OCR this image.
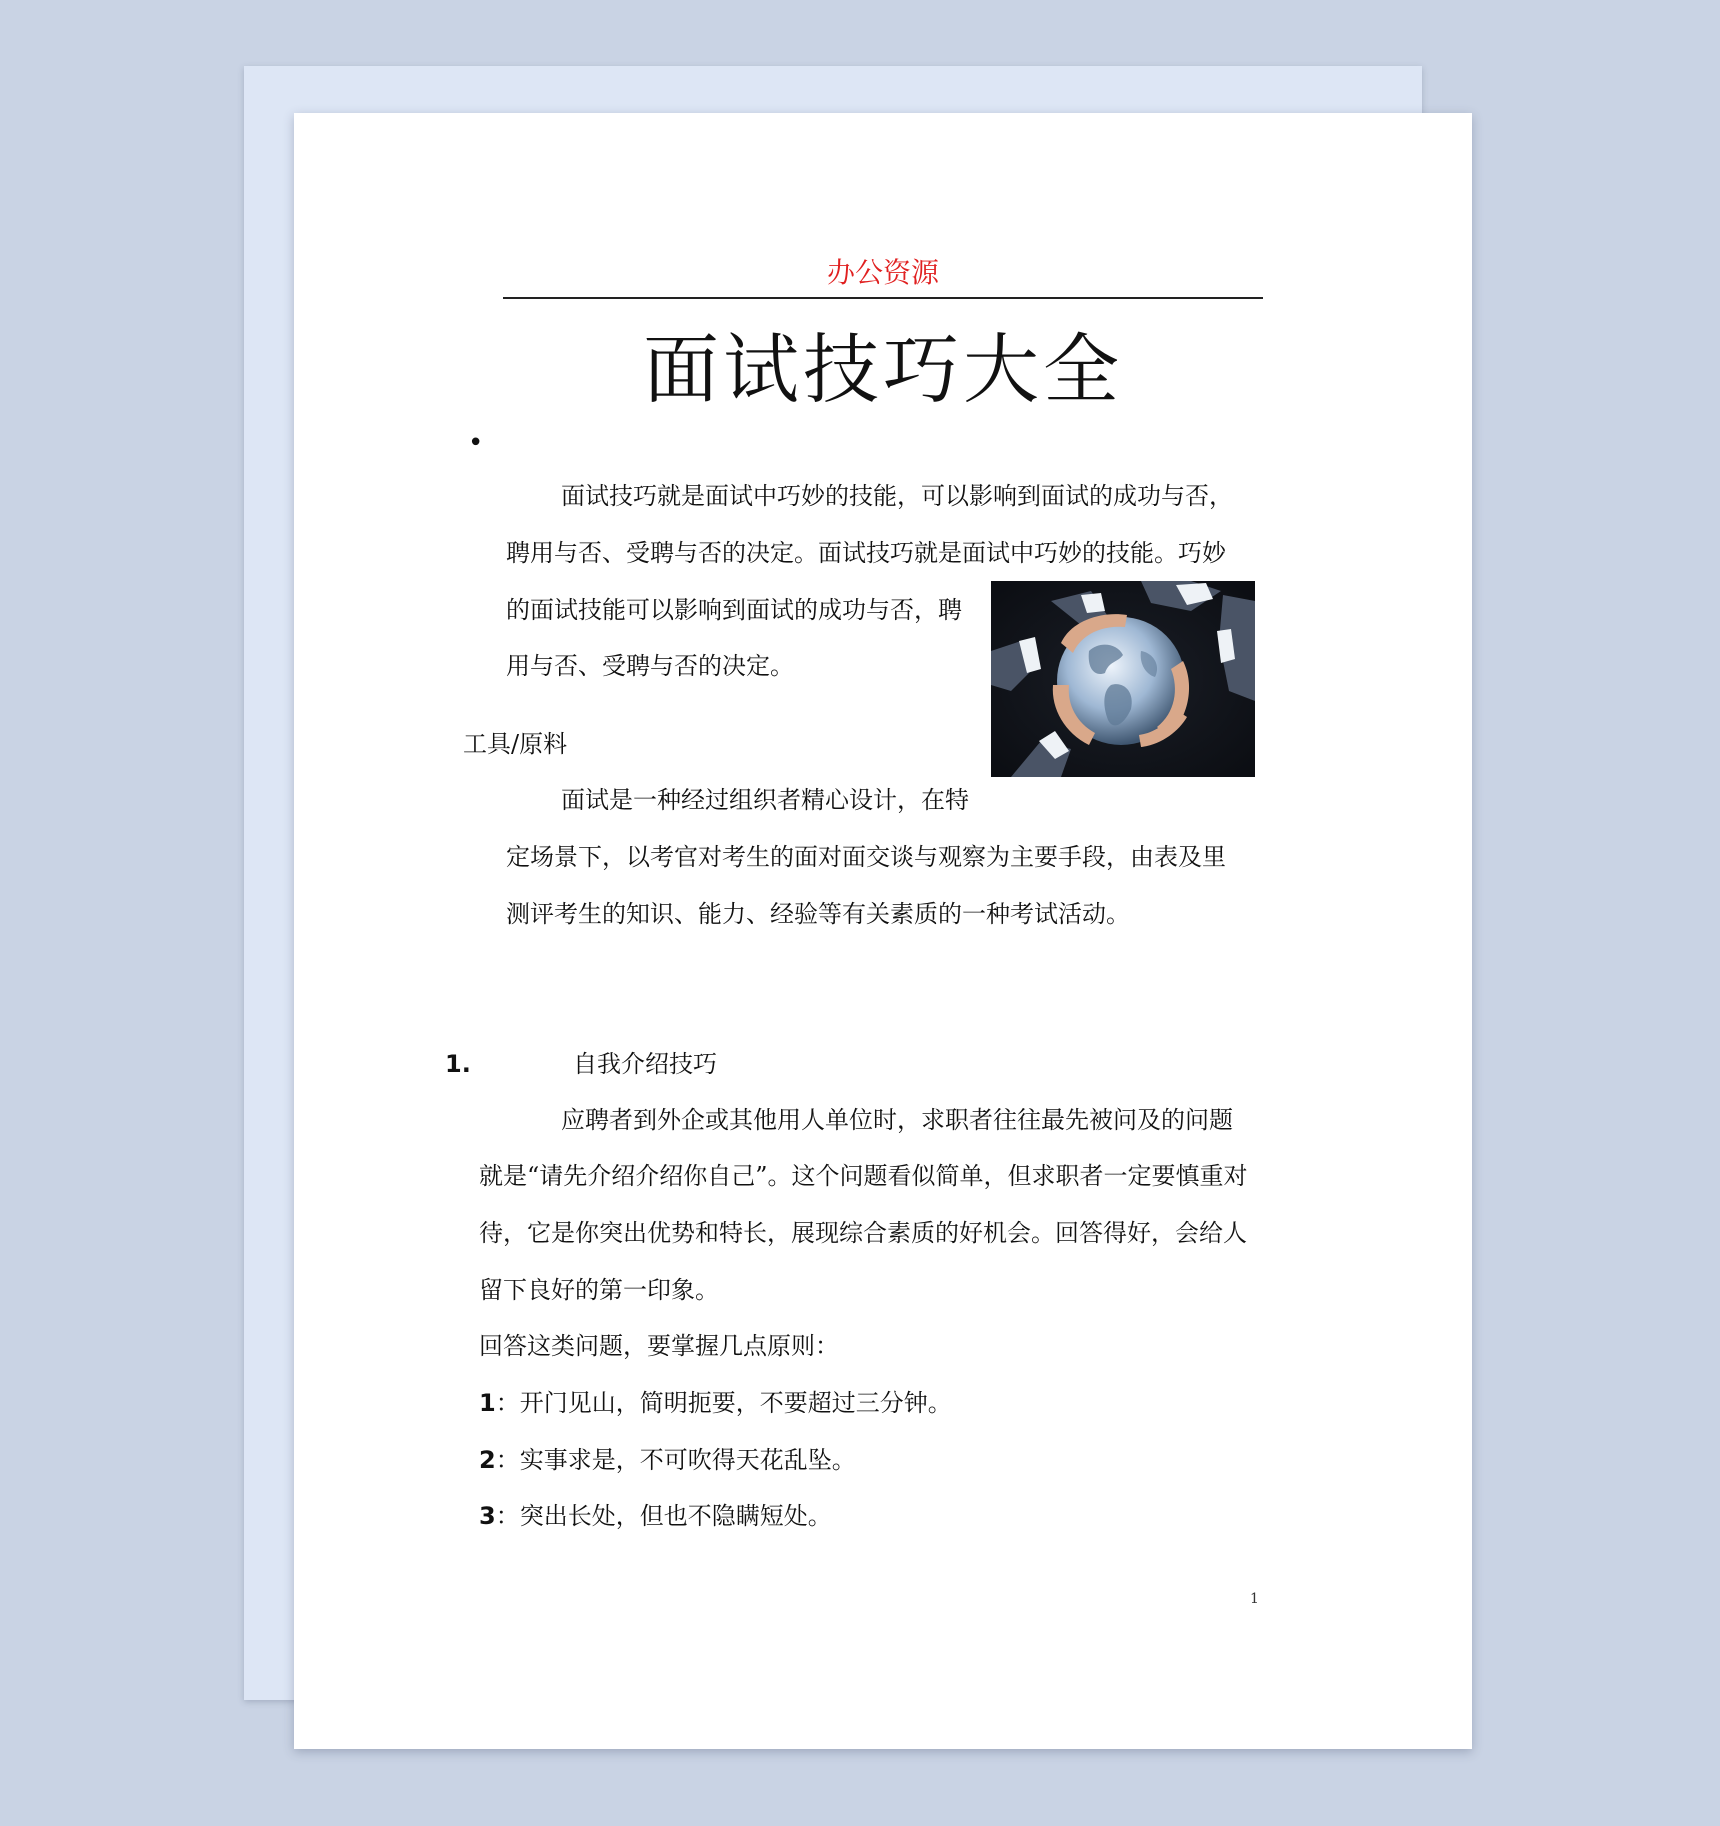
办公资源
面试技巧大全
•
面试技巧就是面试中巧妙的技能，可以影响到面试的成功与否，
聘用与否、受聘与否的决定。面试技巧就是面试中巧妙的技能。巧妙
的面试技能可以影响到面试的成功与否，聘
用与否、受聘与否的决定。
工具/原料
面试是一种经过组织者精心设计，在特
定场景下，以考官对考生的面对面交谈与观察为主要手段，由表及里
测评考生的知识、能力、经验等有关素质的一种考试活动。
1.	自我介绍技巧
应聘者到外企或其他用人单位时，求职者往往最先被问及的问题
就是“请先介绍介绍你自己”。这个问题看似简单，但求职者一定要慎重对
待，它是你突出优势和特长，展现综合素质的好机会。回答得好，会给人
留下良好的第一印象。
回答这类问题，要掌握几点原则：
1：开门见山，简明扼要，不要超过三分钟。
2：实事求是，不可吹得天花乱坠。
3：突出长处，但也不隐瞒短处。
1
